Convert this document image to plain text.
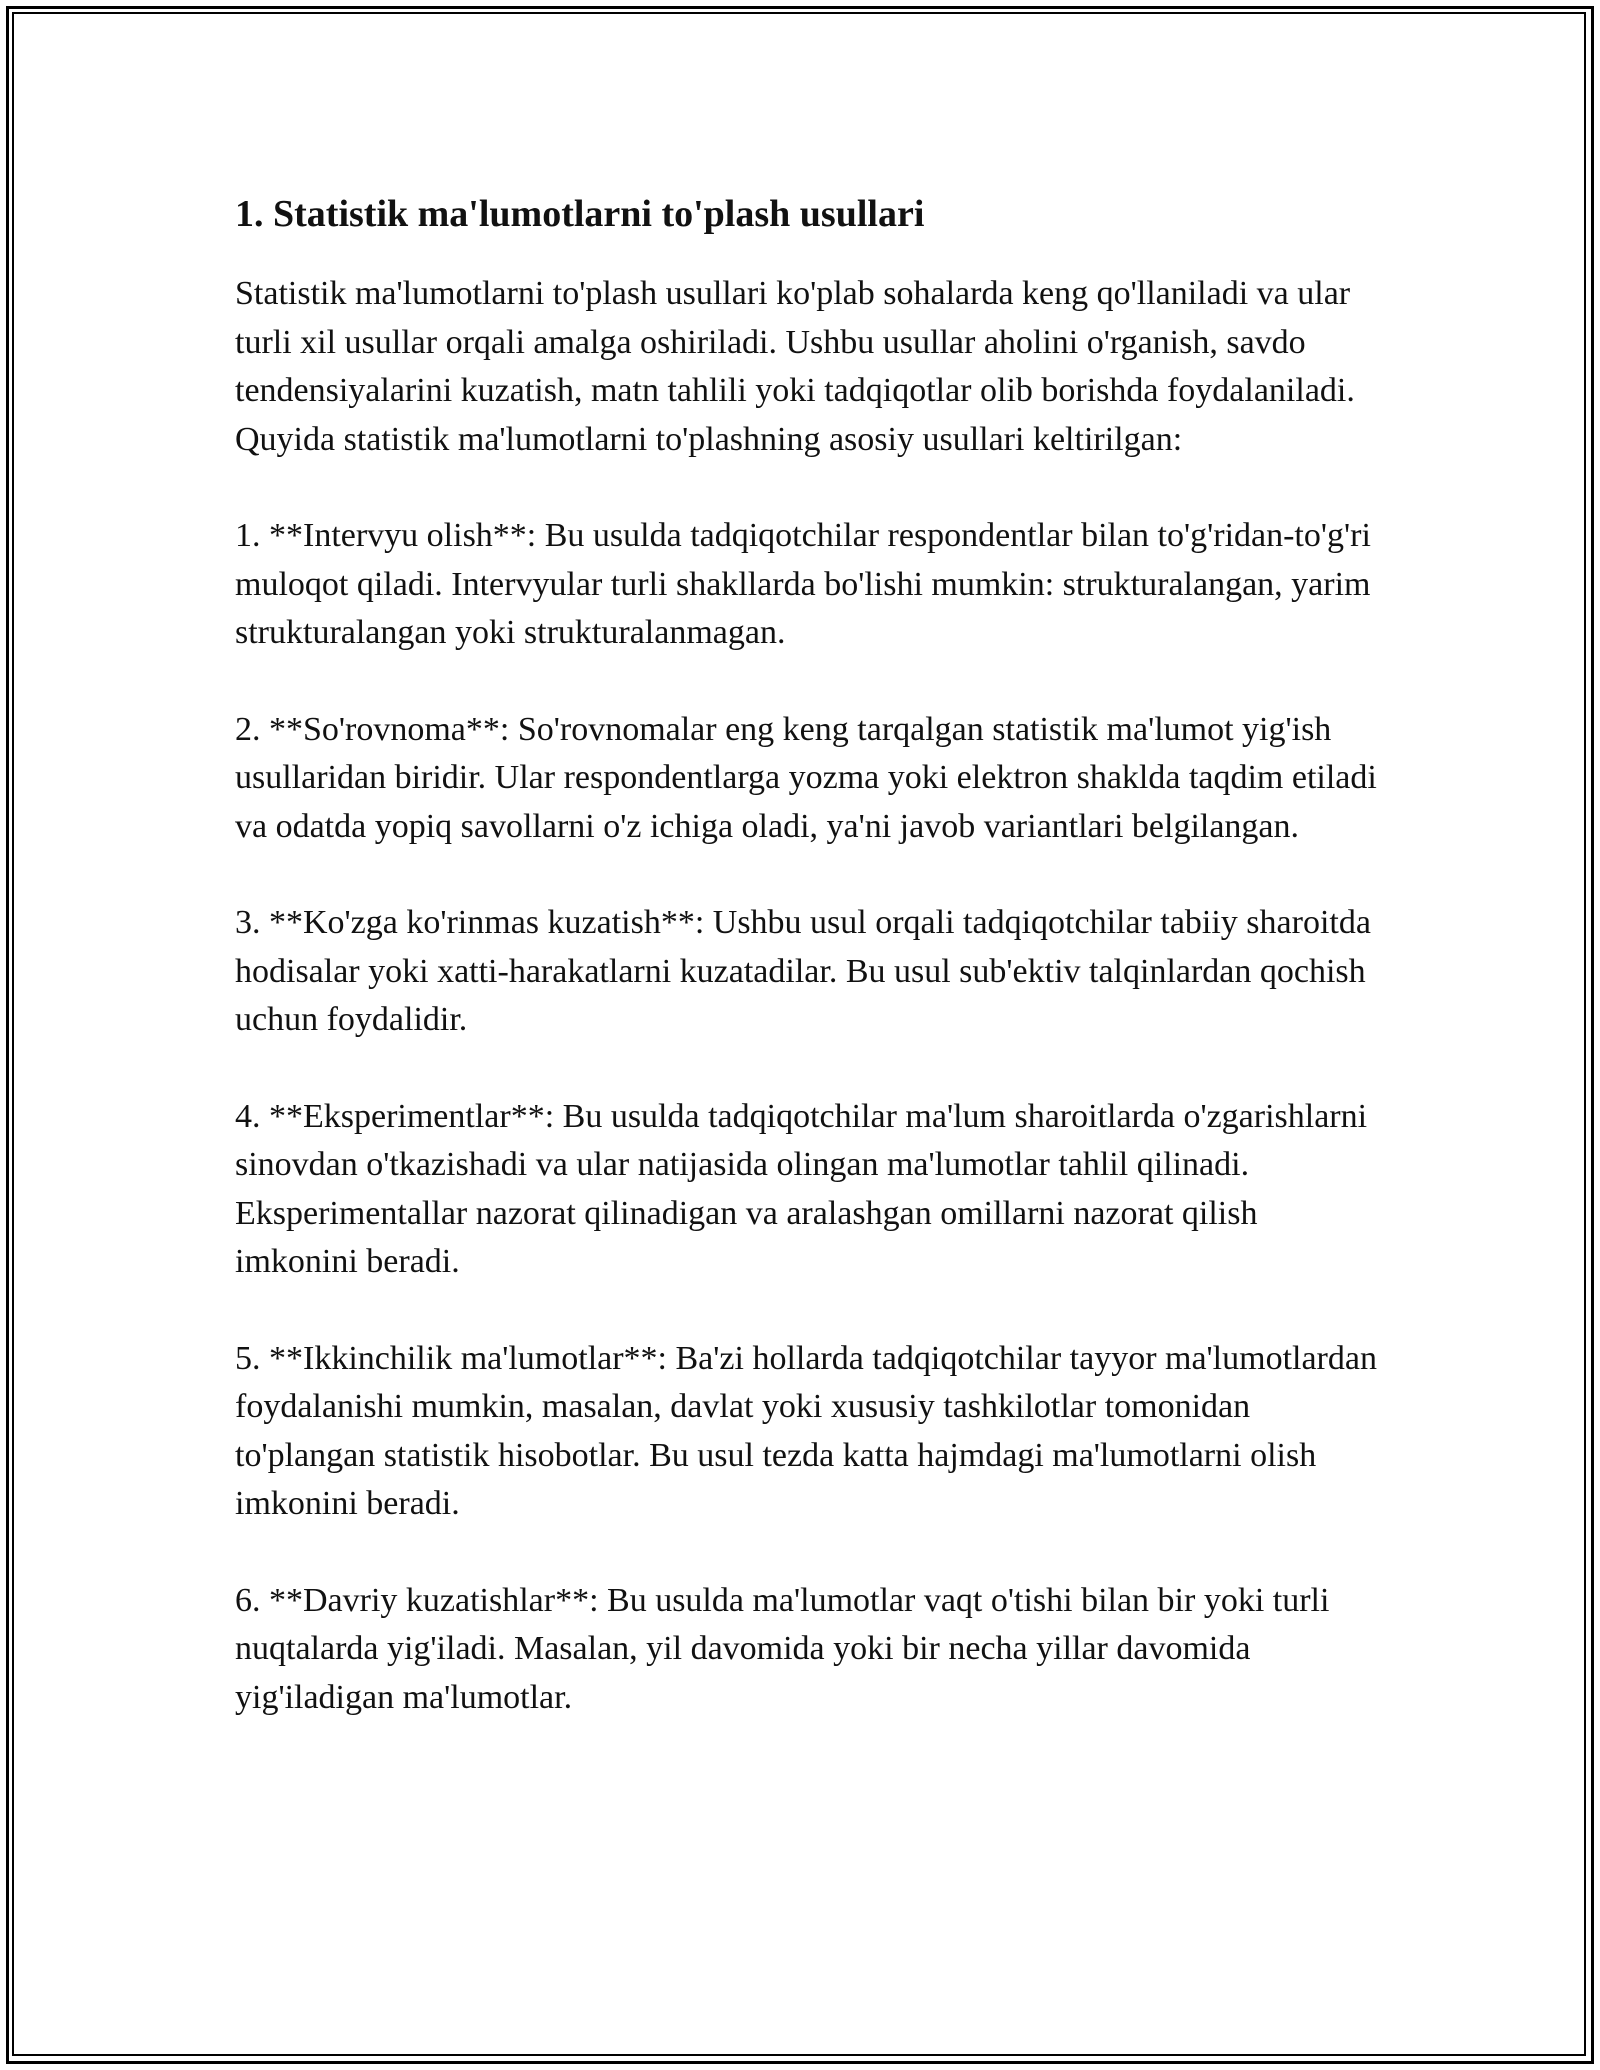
1. Statistik ma'lumotlarni to'plash usullari

Statistik ma'lumotlarni to'plash usullari ko'plab sohalarda keng qo'llaniladi va ular turli xil usullar orqali amalga oshiriladi. Ushbu usullar aholini o'rganish, savdo tendensiyalarini kuzatish, matn tahlili yoki tadqiqotlar olib borishda foydalaniladi. Quyida statistik ma'lumotlarni to'plashning asosiy usullari keltirilgan:

1. **Intervyu olish**: Bu usulda tadqiqotchilar respondentlar bilan to'g'ridan-to'g'ri muloqot qiladi. Intervyular turli shakllarda bo'lishi mumkin: strukturalangan, yarim strukturalangan yoki strukturalanmagan.

2. **So'rovnoma**: So'rovnomalar eng keng tarqalgan statistik ma'lumot yig'ish usullaridan biridir. Ular respondentlarga yozma yoki elektron shaklda taqdim etiladi va odatda yopiq savollarni o'z ichiga oladi, ya'ni javob variantlari belgilangan.

3. **Ko'zga ko'rinmas kuzatish**: Ushbu usul orqali tadqiqotchilar tabiiy sharoitda hodisalar yoki xatti-harakatlarni kuzatadilar. Bu usul sub'ektiv talqinlardan qochish uchun foydalidir.

4. **Eksperimentlar**: Bu usulda tadqiqotchilar ma'lum sharoitlarda o'zgarishlarni sinovdan o'tkazishadi va ular natijasida olingan ma'lumotlar tahlil qilinadi. Eksperimentallar nazorat qilinadigan va aralashgan omillarni nazorat qilish imkonini beradi.

5. **Ikkinchilik ma'lumotlar**: Ba'zi hollarda tadqiqotchilar tayyor ma'lumotlardan foydalanishi mumkin, masalan, davlat yoki xususiy tashkilotlar tomonidan to'plangan statistik hisobotlar. Bu usul tezda katta hajmdagi ma'lumotlarni olish imkonini beradi.

6. **Davriy kuzatishlar**: Bu usulda ma'lumotlar vaqt o'tishi bilan bir yoki turli nuqtalarda yig'iladi. Masalan, yil davomida yoki bir necha yillar davomida yig'iladigan ma'lumotlar.
